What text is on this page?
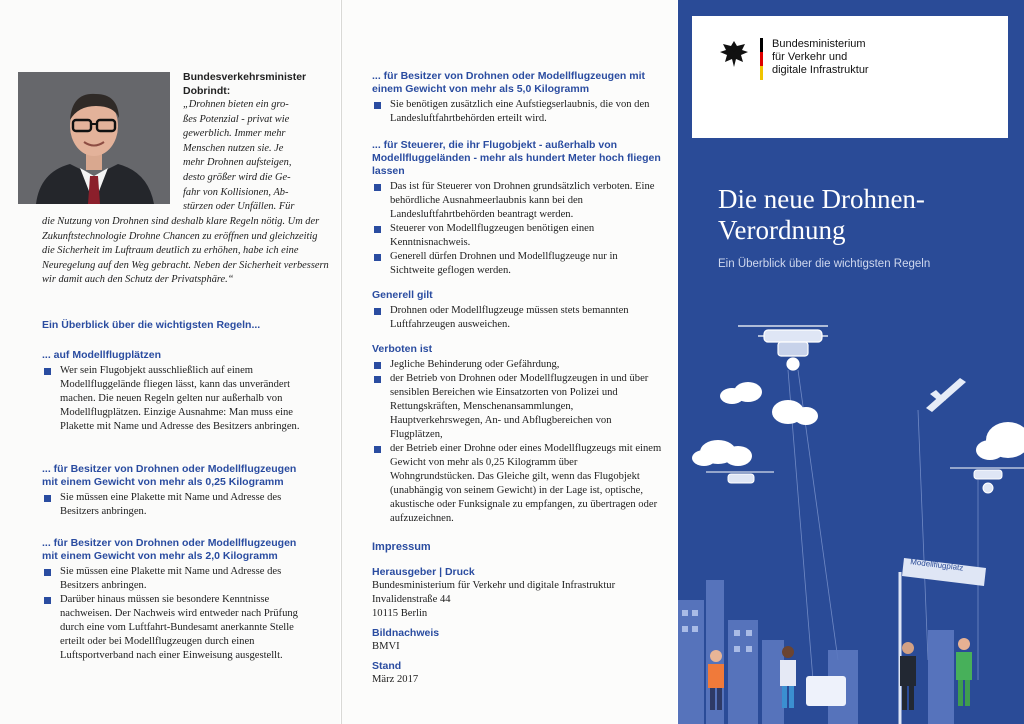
Bundesverkehrsminister Dobrindt:
„Drohnen bieten ein gro-
ßes Potenzial - privat wie
gewerblich. Immer mehr
Menschen nutzen sie. Je
mehr Drohnen aufsteigen,
desto größer wird die Ge-
fahr von Kollisionen, Ab-
stürzen oder Unfällen. Für
die Nutzung von Drohnen sind deshalb klare Regeln nötig. Um der Zukunftstechnologie Drohne Chancen zu eröffnen und gleichzeitig die Sicherheit im Luftraum deutlich zu erhöhen, habe ich eine Neuregelung auf den Weg gebracht. Neben der Sicherheit verbessern wir damit auch den Schutz der Privatsphäre.“
Ein Überblick über die wichtigsten Regeln...
... auf Modellflugplätzen
Wer sein Flugobjekt ausschließlich auf einem Modellfluggelände fliegen lässt, kann das unverändert machen. Die neuen Regeln gelten nur außerhalb von Modellflugplätzen. Einzige Ausnahme: Man muss eine Plakette mit Name und Adresse des Besitzers anbringen.
... für Besitzer von Drohnen oder Modellflugzeugen mit einem Gewicht von mehr als 0,25 Kilogramm
Sie müssen eine Plakette mit Name und Adresse des Besitzers anbringen.
... für Besitzer von Drohnen oder Modellflugzeugen mit einem Gewicht von mehr als 2,0 Kilogramm
Sie müssen eine Plakette mit Name und Adresse des Besitzers anbringen.
Darüber hinaus müssen sie besondere Kenntnisse nachweisen. Der Nachweis wird entweder nach Prüfung durch eine vom Luftfahrt-Bundesamt anerkannte Stelle erteilt oder bei Modellflugzeugen durch einen Luftsportverband nach einer Einweisung ausgestellt.
... für Besitzer von Drohnen oder Modellflugzeugen mit einem Gewicht von mehr als 5,0 Kilogramm
Sie benötigen zusätzlich eine Aufstiegserlaubnis, die von den Landesluftfahrtbehörden erteilt wird.
... für Steuerer, die ihr Flugobjekt - außerhalb von Modellfluggeländen - mehr als hundert Meter hoch fliegen lassen
Das ist für Steuerer von Drohnen grundsätzlich verboten. Eine behördliche Ausnahmeerlaubnis kann bei den Landesluftfahrtbehörden beantragt werden.
Steuerer von Modellflugzeugen benötigen einen Kenntnisnachweis.
Generell dürfen Drohnen und Modellflugzeuge nur in Sichtweite geflogen werden.
Generell gilt
Drohnen oder Modellflugzeuge müssen stets bemannten Luftfahrzeugen ausweichen.
Verboten ist
Jegliche Behinderung oder Gefährdung,
der Betrieb von Drohnen oder Modellflugzeugen in und über sensiblen Bereichen wie Einsatzorten von Polizei und Rettungskräften, Menschenansammlungen, Hauptverkehrswegen, An- und Abflugbereichen von Flugplätzen,
der Betrieb einer Drohne oder eines Modellflugzeugs mit einem Gewicht von mehr als 0,25 Kilogramm über Wohngrundstücken. Das Gleiche gilt, wenn das Flugobjekt (unabhängig von seinem Gewicht) in der Lage ist, optische, akustische oder Funksignale zu empfangen, zu übertragen oder aufzuzeichnen.
Impressum
Herausgeber | Druck
Bundesministerium für Verkehr und digitale Infrastruktur
Invalidenstraße 44
10115 Berlin
Bildnachweis
BMVI
Stand
März 2017
Bundesministerium
für Verkehr und
digitale Infrastruktur
Die neue Drohnen-
Verordnung
Ein Überblick über die wichtigsten Regeln
Modellflugplatz
